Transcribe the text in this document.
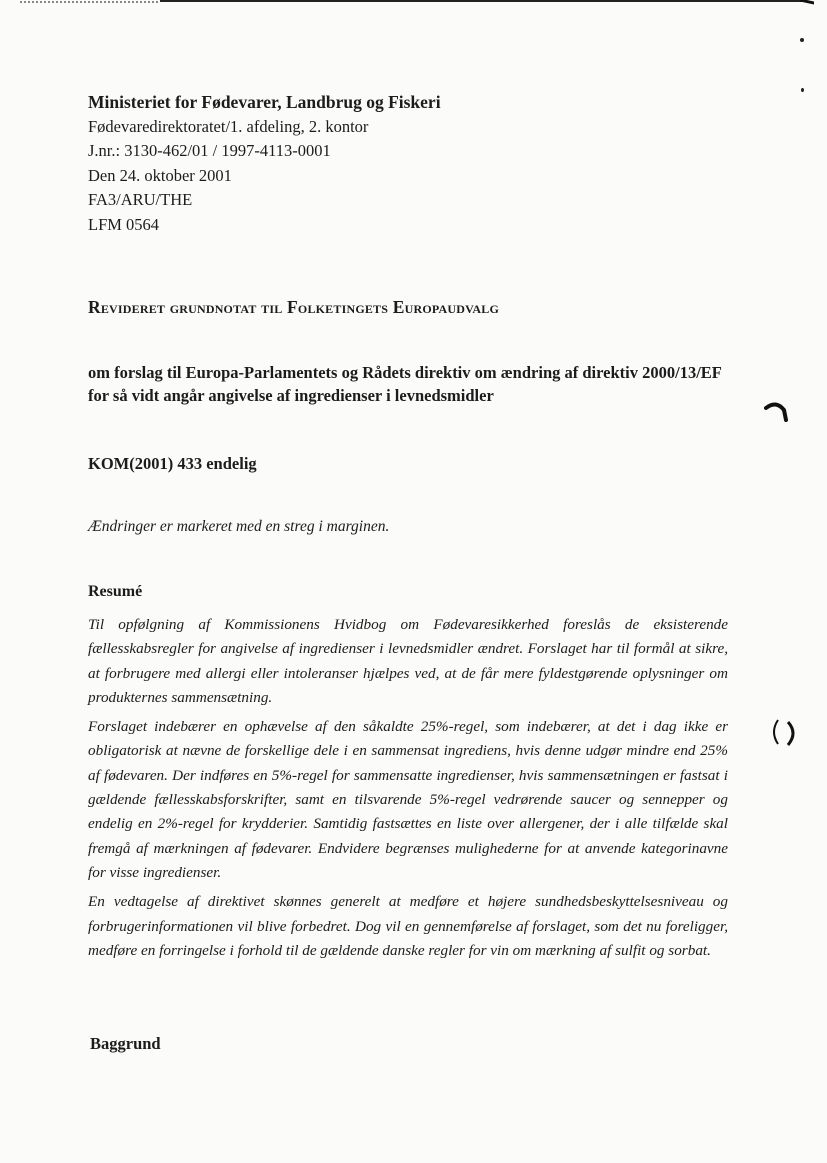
Ministeriet for Fødevarer, Landbrug og Fiskeri
Fødevaredirektoratet/1. afdeling, 2. kontor
J.nr.: 3130-462/01 / 1997-4113-0001
Den 24. oktober 2001
FA3/ARU/THE
LFM 0564
Revideret grundnotat til Folketingets Europaudvalg
om forslag til Europa-Parlamentets og Rådets direktiv om ændring af direktiv 2000/13/EF for så vidt angår angivelse af ingredienser i levnedsmidler
KOM(2001) 433 endelig
Ændringer er markeret med en streg i marginen.
Resumé

Til opfølgning af Kommissionens Hvidbog om Fødevaresikkerhed foreslås de eksisterende fællesskabsregler for angivelse af ingredienser i levnedsmidler ændret. Forslaget har til formål at sikre, at forbrugere med allergi eller intoleranser hjælpes ved, at de får mere fyldestgørende oplysninger om produkternes sammensætning.

Forslaget indebærer en ophævelse af den såkaldte 25%-regel, som indebærer, at det i dag ikke er obligatorisk at nævne de forskellige dele i en sammensat ingrediens, hvis denne udgør mindre end 25% af fødevaren. Der indføres en 5%-regel for sammensatte ingredienser, hvis sammensætningen er fastsat i gældende fællesskabsforskrifter, samt en tilsvarende 5%-regel vedrørende saucer og sennepper og endelig en 2%-regel for krydderier. Samtidig fastsættes en liste over allergener, der i alle tilfælde skal fremgå af mærkningen af fødevarer. Endvidere begrænses mulighederne for at anvende kategorinavne for visse ingredienser.

En vedtagelse af direktivet skønnes generelt at medføre et højere sundhedsbeskyttelsesniveau og forbrugerinformationen vil blive forbedret. Dog vil en gennemførelse af forslaget, som det nu foreligger, medføre en forringelse i forhold til de gældende danske regler for vin om mærkning af sulfit og sorbat.

Baggrund
